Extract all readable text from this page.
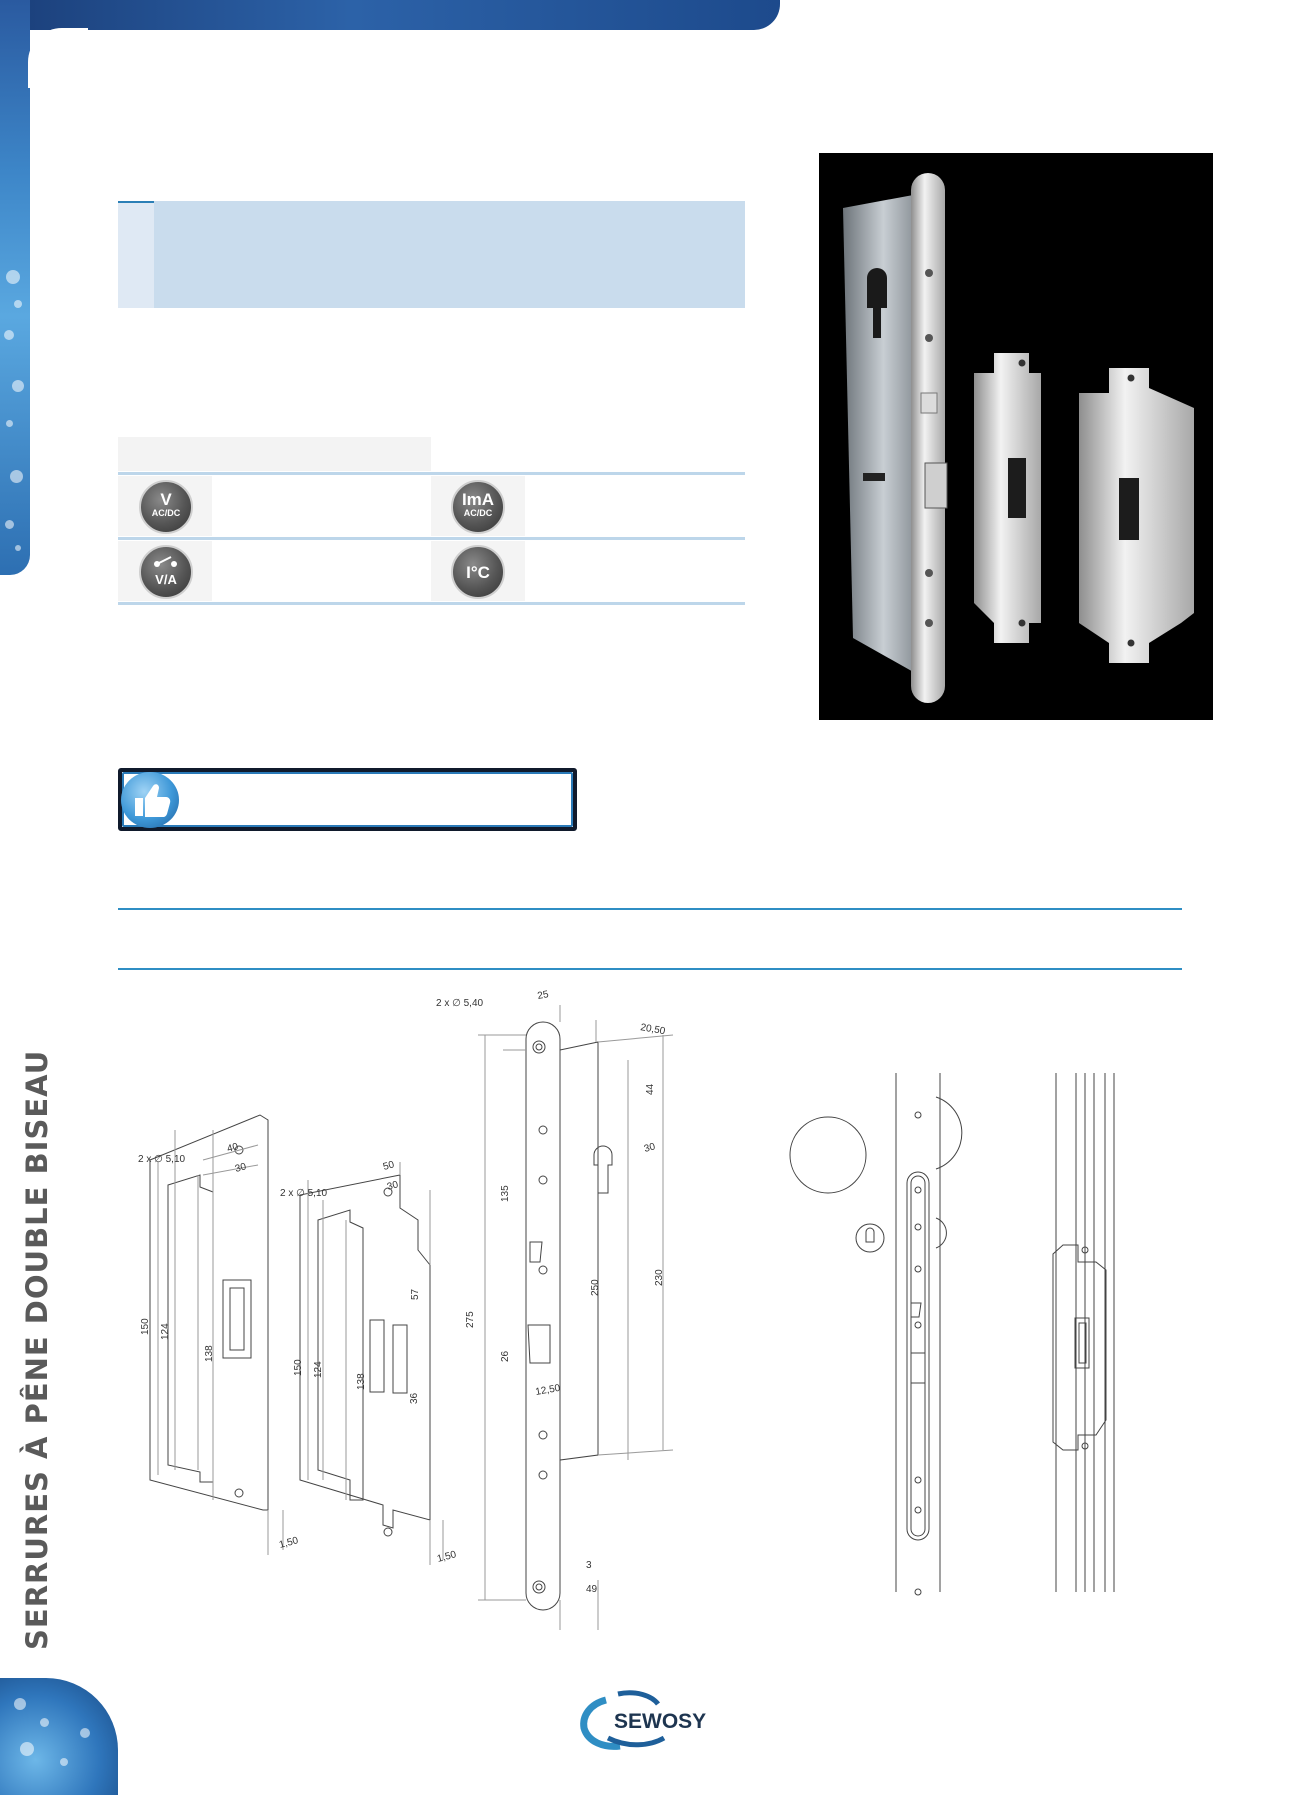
SERRURES À PÊNE DOUBLE BISEAU
V
AC/DC
ImA
AC/DC
V/A	I°C
2 x ∅ 5,10
40
30
150 124
138
1,50
2 x ∅ 5,10
50
30
57
150 124
138
36
1,50
2 x ∅ 5,40
25
20,50
44
30
135
275
250
230
26
12,50
3
49
SEWOSY
